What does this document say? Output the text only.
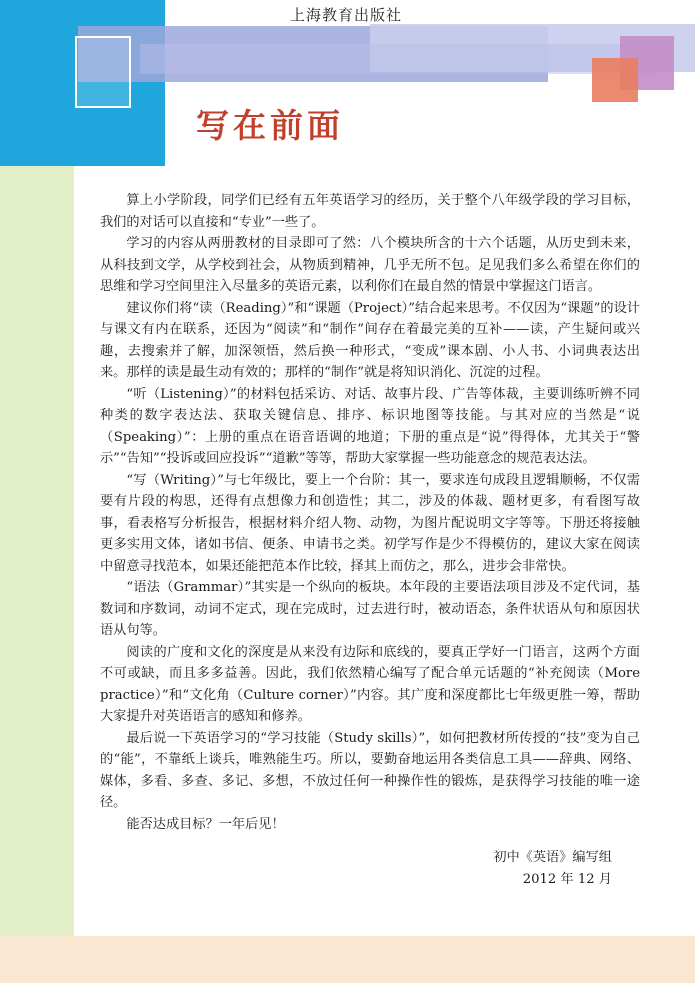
上海教育出版社
写在前面

算上小学阶段，同学们已经有五年英语学习的经历，关于整个八年级学段的学习目标，我们的对话可以直接和“专业”一些了。

学习的内容从两册教材的目录即可了然：八个模块所含的十六个话题，从历史到未来，从科技到文学，从学校到社会，从物质到精神，几乎无所不包。足见我们多么希望在你们的思维和学习空间里注入尽量多的英语元素，以利你们在最自然的情景中掌握这门语言。

建议你们将“读（Reading）”和“课题（Project）”结合起来思考。不仅因为“课题”的设计与课文有内在联系，还因为“阅读”和“制作”间存在着最完美的互补——读，产生疑问或兴趣，去搜索并了解，加深领悟，然后换一种形式，“变成”课本剧、小人书、小词典表达出来。那样的读是最生动有效的；那样的“制作”就是将知识消化、沉淀的过程。

“听（Listening）”的材料包括采访、对话、故事片段、广告等体裁，主要训练听辨不同种类的数字表达法、获取关键信息、排序、标识地图等技能。与其对应的当然是“说（Speaking）”：上册的重点在语音语调的地道；下册的重点是“说”得得体，尤其关于“警示”“告知”“投诉或回应投诉”“道歉”等等，帮助大家掌握一些功能意念的规范表达法。

“写（Writing）”与七年级比，要上一个台阶：其一，要求连句成段且逻辑顺畅，不仅需要有片段的构思，还得有点想像力和创造性；其二，涉及的体裁、题材更多，有看图写故事，看表格写分析报告，根据材料介绍人物、动物，为图片配说明文字等等。下册还将接触更多实用文体，诸如书信、便条、申请书之类。初学写作是少不得模仿的，建议大家在阅读中留意寻找范本，如果还能把范本作比较，择其上而仿之，那么，进步会非常快。

“语法（Grammar）”其实是一个纵向的板块。本年段的主要语法项目涉及不定代词，基数词和序数词，动词不定式，现在完成时，过去进行时，被动语态，条件状语从句和原因状语从句等。

阅读的广度和文化的深度是从来没有边际和底线的，要真正学好一门语言，这两个方面不可或缺，而且多多益善。因此，我们依然精心编写了配合单元话题的“补充阅读（More practice）”和“文化角（Culture corner）”内容。其广度和深度都比七年级更胜一筹，帮助大家提升对英语语言的感知和修养。

最后说一下英语学习的“学习技能（Study skills）”，如何把教材所传授的“技”变为自己的“能”，不靠纸上谈兵，唯熟能生巧。所以，要勤奋地运用各类信息工具——辞典、网络、媒体，多看、多查、多记、多想，不放过任何一种操作性的锻炼，是获得学习技能的唯一途径。

能否达成目标？一年后见！

初中《英语》编写组
2012 年 12 月
